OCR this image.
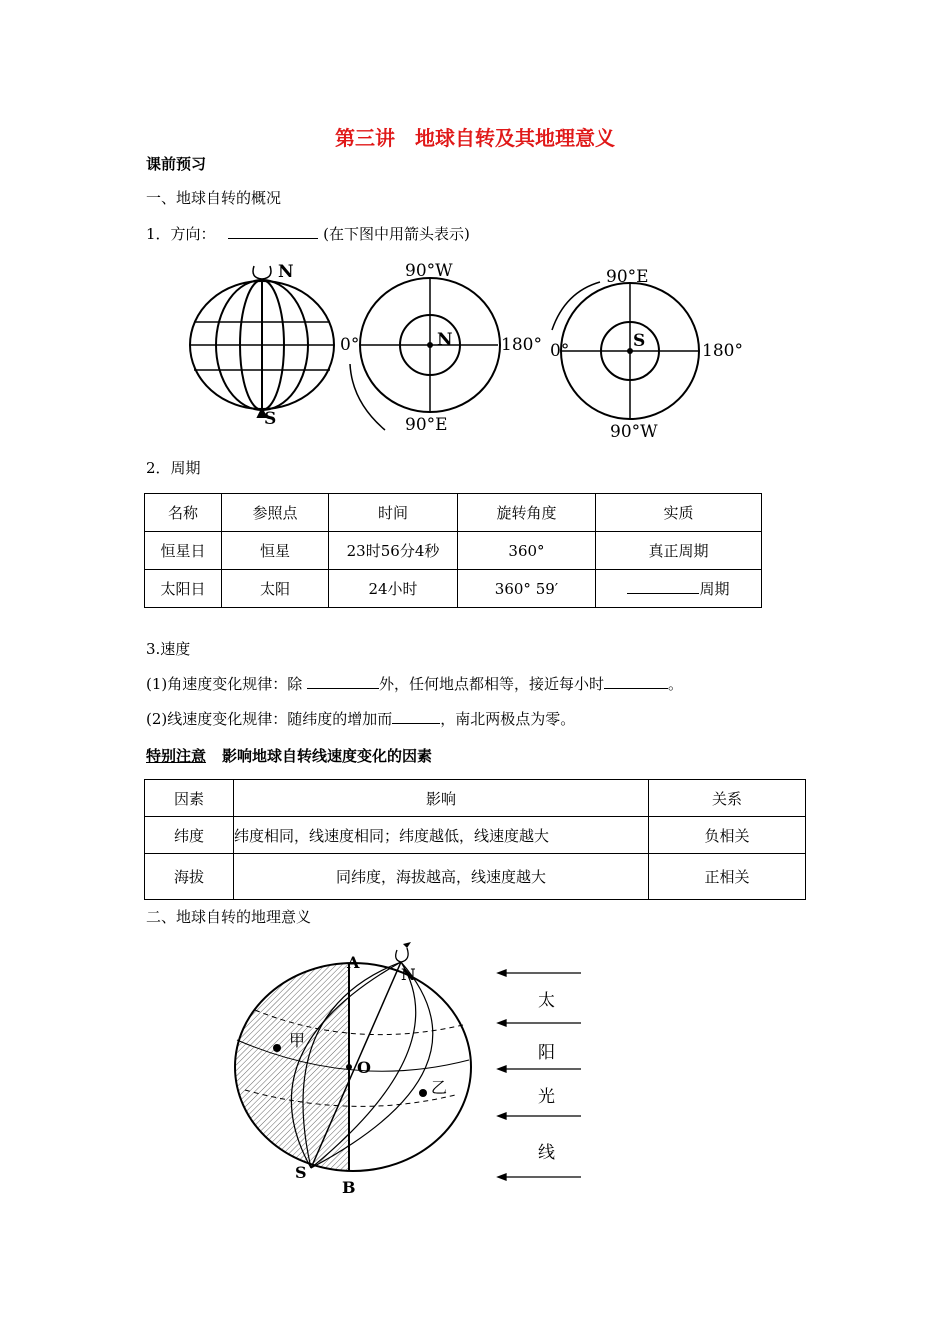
第三讲　地球自转及其地理意义
课前预习
一、地球自转的概况
1．方向：	(在下图中用箭头表示)
N
S
90°W
0°	180°
N
90°E
90°E
0°	180°
S
90°W
2．周期
名称	参照点	时间	旋转角度	实质
恒星日	恒星	23时56分4秒	360°	真正周期
太阳日	太阳	24小时	360° 59′	周期
3.速度
(1)角速度变化规律：除	外，任何地点都相等，接近每小时	。
(2)线速度变化规律：随纬度的增加而	，南北两极点为零。
特别注意 影响地球自转线速度变化的因素
因素	影响	关系
纬度	纬度相同，线速度相同；纬度越低，线速度越大	负相关
海拔	同纬度，海拔越高，线速度越大	正相关
二、地球自转的地理意义
A
N
S
B
O
甲
乙
太
阳
光
线
